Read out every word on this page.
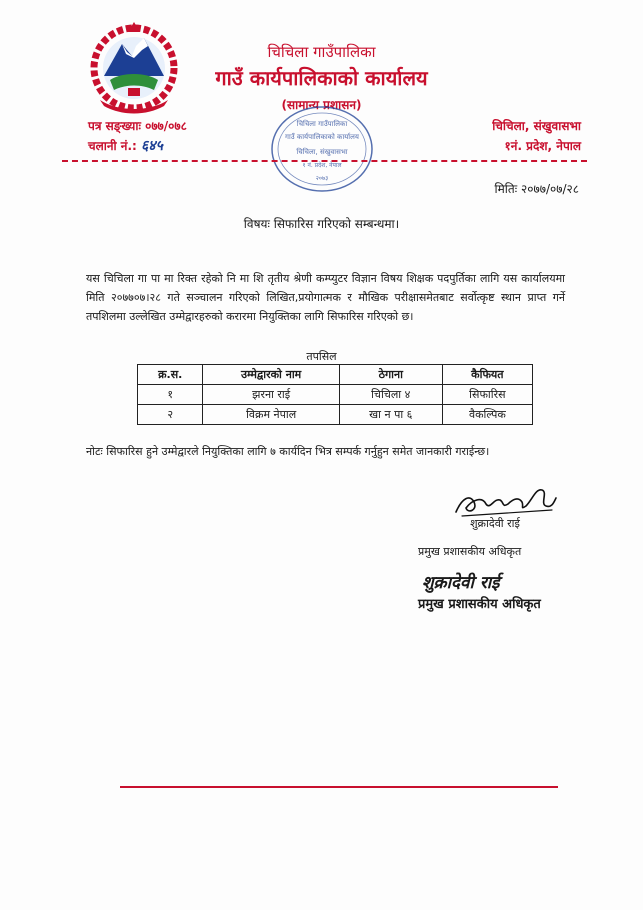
चिचिला गाउँपालिका
गाउँ कार्यपालिकाको कार्यालय
(सामान्य प्रशासन)
पत्र सङ्ख्याः ०७७/०७८
चलानी नं.: ६४५
चिचिला, संखुवासभा
१नं. प्रदेश, नेपाल
चिचिला गाउँपालिका
गाउँ कार्यपालिकाको कार्यालय
चिचिला, संखुवासभा
१ नं. प्रदेश, नेपाल
२०७३
मितिः २०७७/०७/२८
विषयः सिफारिस गरिएको सम्बन्धमा।
यस चिचिला गा पा मा रिक्त रहेको नि मा शि तृतीय श्रेणी कम्प्युटर विज्ञान विषय शिक्षक पदपुर्तिका लागि यस कार्यालयमा मिति २०७७०७।२८ गते सञ्चालन गरिएको लिखित,प्रयोगात्मक र मौखिक परीक्षासमेतबाट सर्वोत्कृष्ट स्थान प्राप्त गर्ने तपशिलमा उल्लेखित उम्मेद्वारहरुको करारमा नियुक्तिका लागि सिफारिस गरिएको छ।
तपसिल
क्र.स.	उम्मेद्वारको नाम	ठेगाना	कैफियत
१	झरना राई	चिचिला ४	सिफारिस
२	विक्रम नेपाल	खा न पा ६	वैकल्पिक
नोटः सिफारिस हुने उम्मेद्वारले नियुक्तिका लागि ७ कार्यदिन भित्र सम्पर्क गर्नुहुन समेत जानकारी गराईन्छ।
शुक्रादेवी राई
प्रमुख प्रशासकीय अधिकृत
शुक्रादेवी राई
प्रमुख प्रशासकीय अधिकृत
